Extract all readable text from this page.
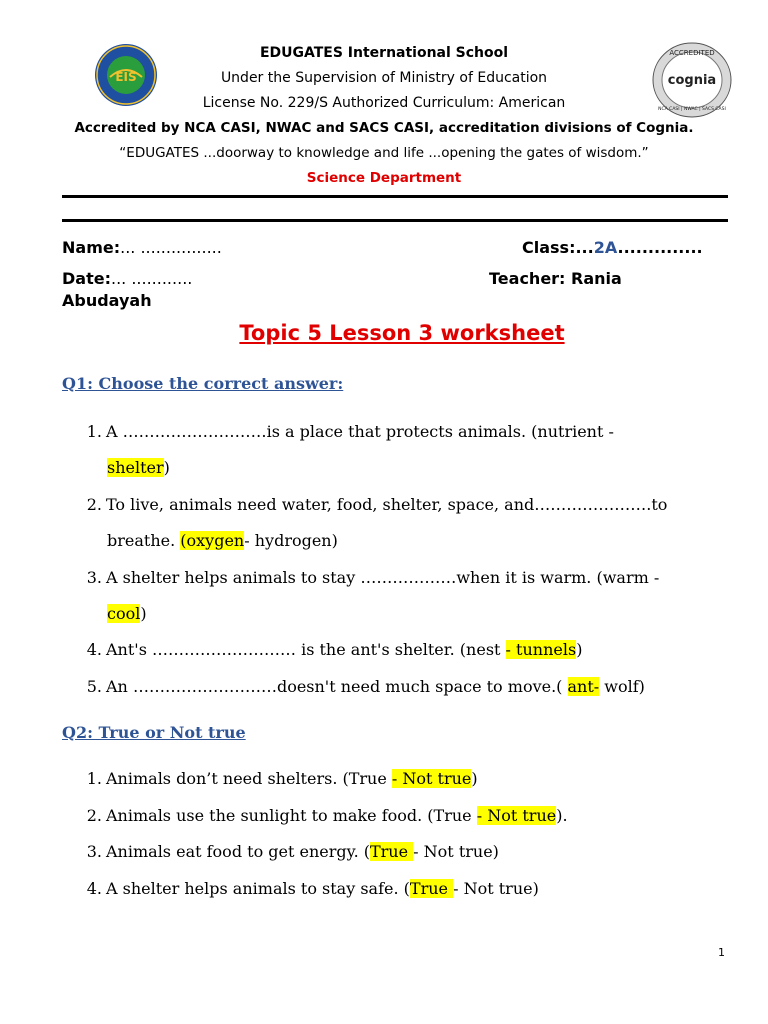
EIS
ACCREDITED
cognia
NCA CASI | NWAC | SACS CASI
EDUGATES International School
Under the Supervision of Ministry of Education
License No. 229/S Authorized Curriculum: American
Accredited by NCA CASI, NWAC and SACS CASI, accreditation divisions of Cognia.
“EDUGATES ...doorway to knowledge and life ...opening the gates of wisdom.”
Science Department
Name:... ................	Class:...2A..............
Date:... ............	Teacher: Rania
Abudayah
Topic 5 Lesson 3 worksheet
Q1: Choose the correct answer:
1. A ………………………is a place that protects animals. (nutrient -
shelter)
2. To live, animals need water, food, shelter, space, and………………….to
breathe. (oxygen- hydrogen)
3. A shelter helps animals to stay ………………when it is warm. (warm -
cool)
4. Ant's ……………………… is the ant's shelter. (nest - tunnels)
5. An ………………………doesn't need much space to move.( ant- wolf)
Q2: True or Not true
1. Animals don’t need shelters. (True - Not true)
2. Animals use the sunlight to make food. (True - Not true).
3. Animals eat food to get energy. (True - Not true)
4. A shelter helps animals to stay safe. (True - Not true)
1
